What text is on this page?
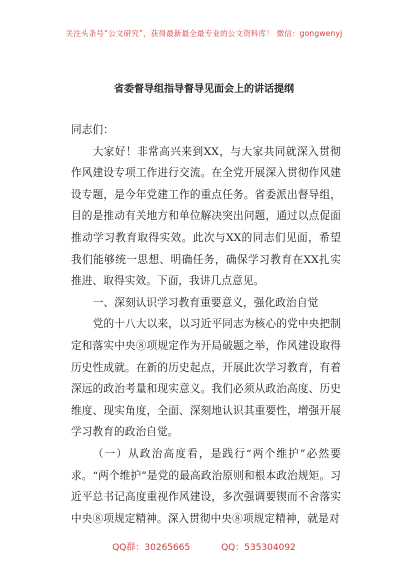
关注头条号“公文研究”，获得最新最全最专业的公文资料库！ 微信：gongwenyj
省委督导组指导督导见面会上的讲话提纲

同志们：

大家好！非常高兴来到XX，与大家共同就深入贯彻作风建设专项工作进行交流。在全党开展深入贯彻作风建设专题，是今年党建工作的重点任务。省委派出督导组，目的是推动有关地方和单位解决突出问题，通过以点促面推动学习教育取得实效。此次与XX的同志们见面，希望我们能够统一思想、明确任务，确保学习教育在XX扎实推进、取得实效。下面，我讲几点意见。

一、深刻认识学习教育重要意义，强化政治自觉

党的十八大以来，以习近平同志为核心的党中央把制定和落实中央⑧项规定作为开局破题之举，作风建设取得历史性成就。在新的历史起点，开展此次学习教育，有着深远的政治考量和现实意义。我们必须从政治高度、历史维度、现实角度，全面、深刻地认识其重要性，增强开展学习教育的政治自觉。

（一）从政治高度看，是践行“两个维护”必然要求。“两个维护”是党的最高政治原则和根本政治规矩。习近平总书记高度重视作风建设，多次强调要锲而不舍落实中央⑧项规定精神。深入贯彻中央⑧项规定精神，就是对

QQ群：30265665	QQ：535304092
